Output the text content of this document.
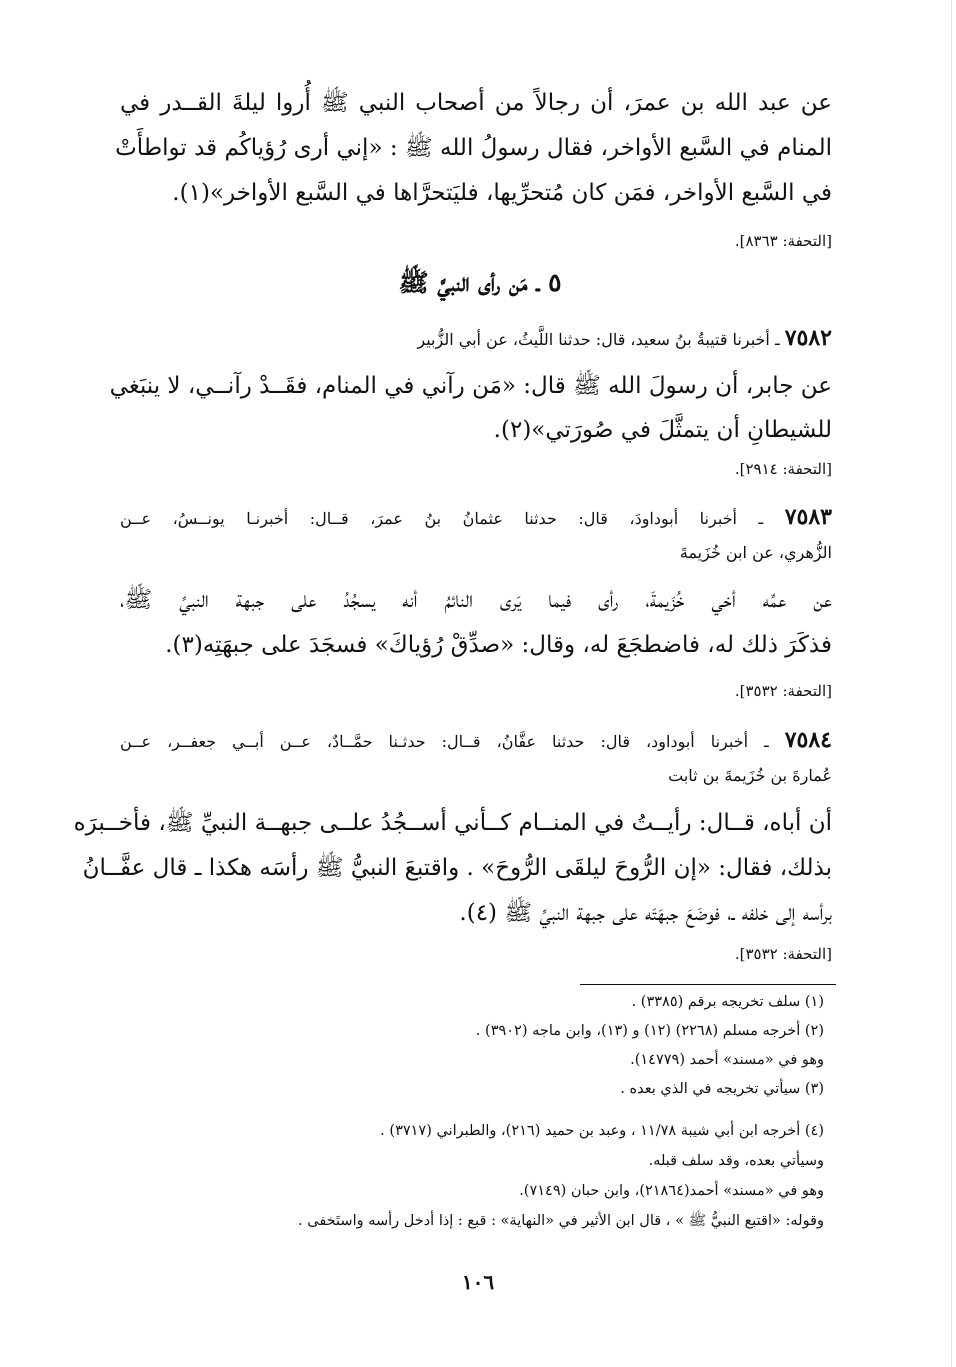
عن عبد الله بن عمرَ، أن رجالاً من أصحاب النبي ﷺ أُروا ليلةَ القــدر في
المنام في السَّبع الأواخر، فقال رسولُ الله ﷺ : «إني أرى رُؤياكُم قد تواطأَتْ
في السَّبع الأواخر، فمَن كان مُتحرِّيها، فليَتحرَّاها في السَّبع الأواخر»(١).
[التحفة: ٨٣٦٣].
٥ ـ مَن رأى النبيَّ ﷺ
٧٥٨٢ ـ أخبرنا قتيبةُ بنُ سعيد، قال: حدثنا اللَّيثُ، عن أبي الزُّبير
عن جابر، أن رسولَ الله ﷺ قال: «مَن رآني في المنام، فقَــدْ رآنــي، لا ينبَغي
للشيطانِ أن يتمثَّلَ في صُورَتي»(٢).
[التحفة: ٢٩١٤].
٧٥٨٣ ـ أخبرنا أبوداودَ، قال: حدثنا عثمانُ بنُ عمرَ، قــال: أخبرنـا يونــسُ، عــن
الزُّهري، عن ابن خُزَيمةَ
عن عمِّه أخي خُزَيمةَ، رأى فيما يَرى النائمُ أنه يسجُدُ على جبهة النبيِّ ﷺ،
فذكَرَ ذلك له، فاضطجَعَ له، وقال: «صدِّقْ رُؤياكَ» فسجَدَ على جبهَتِه(٣).
[التحفة: ٣٥٣٢].
٧٥٨٤ ـ أخبرنا أبوداود، قال: حدثنا عفَّانُ، قــال: حدثـنا حمَّــادٌ، عــن أبــي جعفــر، عــن
عُمارةَ بن خُزَيمةَ بن ثابت
أن أباه، قــال: رأيــتُ في المنــام كــأني أســجُدُ علــى جبهــة النبيِّ ﷺ، فأخــبرَه
بذلك، فقال: «إن الرُّوحَ ليلقَى الرُّوحَ» . واقتبعَ النبيُّ ﷺ رأسَه هكذا ـ قال عفَّــانُ
برأسه إلى خلفه ـ، فوضَعَ جبهَتَه على جبهة النبيِّ ﷺ (٤).
[التحفة: ٣٥٣٢].
(١) سلف تخريجه برقم (٣٣٨٥) .
(٢) أخرجه مسلم (٢٢٦٨) (١٢) و (١٣)، وابن ماجه (٣٩٠٢) .
وهو في «مسند» أحمد (١٤٧٧٩).
(٣) سيأتي تخريجه في الذي بعده .
(٤) أخرجه ابن أبي شيبة ١١/٧٨ ، وعبد بن حميد (٢١٦)، والطبراني (٣٧١٧) .
وسيأتي بعده، وقد سلف قبله.
وهو في «مسند» أحمد(٢١٨٦٤)، وابن حبان (٧١٤٩).
وقوله: «اقتبع النبيُّ ﷺ » ، قال ابن الأثير في «النهاية» : قبع : إذا أدخل رأسه واستَخفى .
١٠٦
